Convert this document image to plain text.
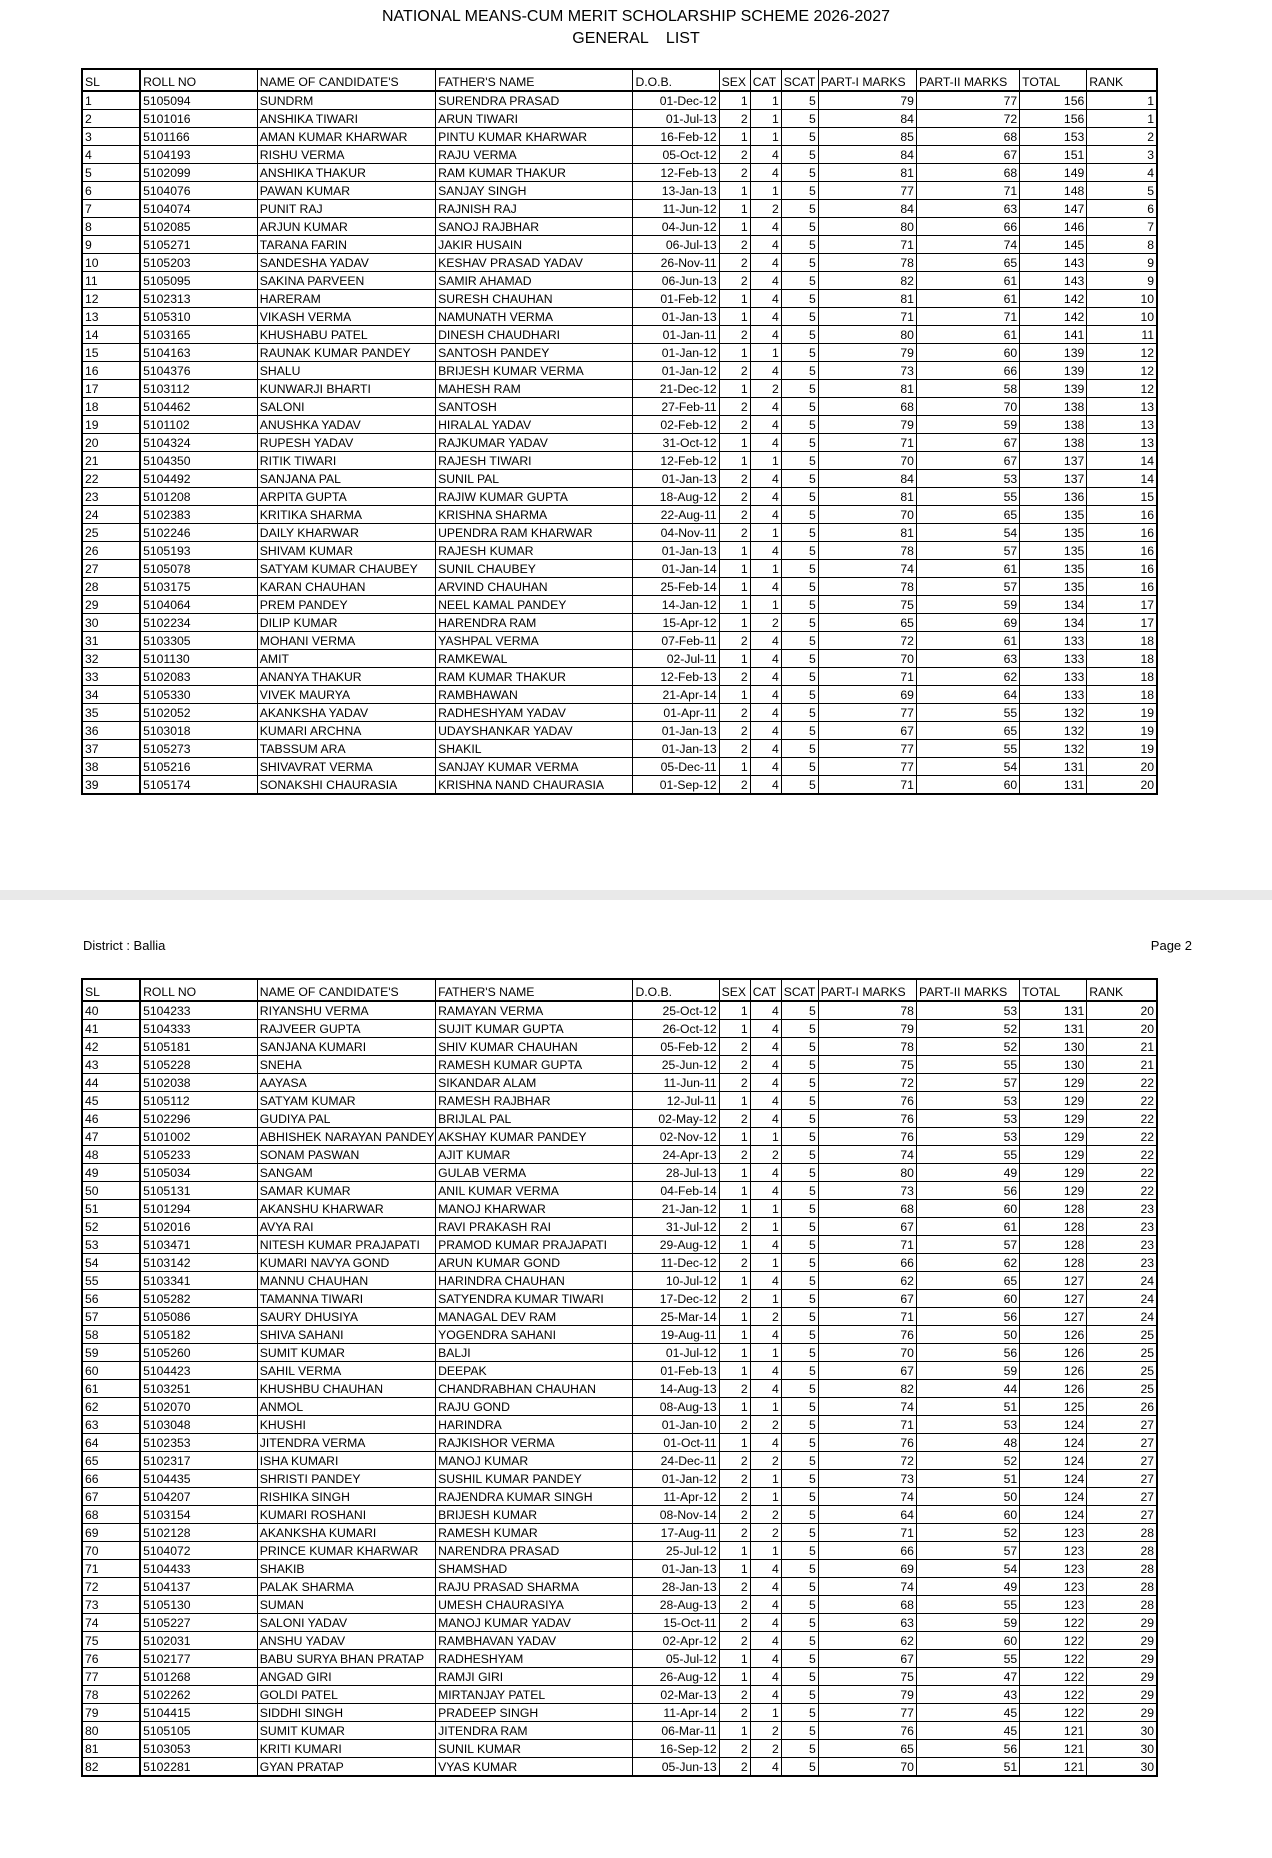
NATIONAL MEANS-CUM MERIT SCHOLARSHIP SCHEME 2026-2027
GENERAL    LIST
SL	ROLL NO	NAME OF CANDIDATE'S	FATHER'S NAME	D.O.B.	SEX	CAT	SCAT	PART-I MARKS	PART-II MARKS	TOTAL	RANK
1	5105094	SUNDRM	SURENDRA PRASAD	01-Dec-12	1	1	5	79	77	156	1
2	5101016	ANSHIKA TIWARI	ARUN TIWARI	01-Jul-13	2	1	5	84	72	156	1
3	5101166	AMAN KUMAR KHARWAR	PINTU KUMAR KHARWAR	16-Feb-12	1	1	5	85	68	153	2
4	5104193	RISHU VERMA	RAJU VERMA	05-Oct-12	2	4	5	84	67	151	3
5	5102099	ANSHIKA THAKUR	RAM KUMAR THAKUR	12-Feb-13	2	4	5	81	68	149	4
6	5104076	PAWAN KUMAR	SANJAY SINGH	13-Jan-13	1	1	5	77	71	148	5
7	5104074	PUNIT RAJ	RAJNISH RAJ	11-Jun-12	1	2	5	84	63	147	6
8	5102085	ARJUN KUMAR	SANOJ RAJBHAR	04-Jun-12	1	4	5	80	66	146	7
9	5105271	TARANA FARIN	JAKIR HUSAIN	06-Jul-13	2	4	5	71	74	145	8
10	5105203	SANDESHA YADAV	KESHAV PRASAD YADAV	26-Nov-11	2	4	5	78	65	143	9
11	5105095	SAKINA PARVEEN	SAMIR AHAMAD	06-Jun-13	2	4	5	82	61	143	9
12	5102313	HARERAM	SURESH CHAUHAN	01-Feb-12	1	4	5	81	61	142	10
13	5105310	VIKASH VERMA	NAMUNATH VERMA	01-Jan-13	1	4	5	71	71	142	10
14	5103165	KHUSHABU PATEL	DINESH CHAUDHARI	01-Jan-11	2	4	5	80	61	141	11
15	5104163	RAUNAK KUMAR PANDEY	SANTOSH PANDEY	01-Jan-12	1	1	5	79	60	139	12
16	5104376	SHALU	BRIJESH KUMAR VERMA	01-Jan-12	2	4	5	73	66	139	12
17	5103112	KUNWARJI BHARTI	MAHESH RAM	21-Dec-12	1	2	5	81	58	139	12
18	5104462	SALONI	SANTOSH	27-Feb-11	2	4	5	68	70	138	13
19	5101102	ANUSHKA YADAV	HIRALAL YADAV	02-Feb-12	2	4	5	79	59	138	13
20	5104324	RUPESH YADAV	RAJKUMAR YADAV	31-Oct-12	1	4	5	71	67	138	13
21	5104350	RITIK TIWARI	RAJESH TIWARI	12-Feb-12	1	1	5	70	67	137	14
22	5104492	SANJANA PAL	SUNIL PAL	01-Jan-13	2	4	5	84	53	137	14
23	5101208	ARPITA GUPTA	RAJIW KUMAR GUPTA	18-Aug-12	2	4	5	81	55	136	15
24	5102383	KRITIKA SHARMA	KRISHNA SHARMA	22-Aug-11	2	4	5	70	65	135	16
25	5102246	DAILY KHARWAR	UPENDRA RAM KHARWAR	04-Nov-11	2	1	5	81	54	135	16
26	5105193	SHIVAM KUMAR	RAJESH KUMAR	01-Jan-13	1	4	5	78	57	135	16
27	5105078	SATYAM KUMAR CHAUBEY	SUNIL CHAUBEY	01-Jan-14	1	1	5	74	61	135	16
28	5103175	KARAN CHAUHAN	ARVIND CHAUHAN	25-Feb-14	1	4	5	78	57	135	16
29	5104064	PREM PANDEY	NEEL KAMAL PANDEY	14-Jan-12	1	1	5	75	59	134	17
30	5102234	DILIP KUMAR	HARENDRA RAM	15-Apr-12	1	2	5	65	69	134	17
31	5103305	MOHANI VERMA	YASHPAL VERMA	07-Feb-11	2	4	5	72	61	133	18
32	5101130	AMIT	RAMKEWAL	02-Jul-11	1	4	5	70	63	133	18
33	5102083	ANANYA THAKUR	RAM KUMAR THAKUR	12-Feb-13	2	4	5	71	62	133	18
34	5105330	VIVEK MAURYA	RAMBHAWAN	21-Apr-14	1	4	5	69	64	133	18
35	5102052	AKANKSHA YADAV	RADHESHYAM YADAV	01-Apr-11	2	4	5	77	55	132	19
36	5103018	KUMARI ARCHNA	UDAYSHANKAR YADAV	01-Jan-13	2	4	5	67	65	132	19
37	5105273	TABSSUM ARA	SHAKIL	01-Jan-13	2	4	5	77	55	132	19
38	5105216	SHIVAVRAT VERMA	SANJAY KUMAR VERMA	05-Dec-11	1	4	5	77	54	131	20
39	5105174	SONAKSHI CHAURASIA	KRISHNA NAND CHAURASIA	01-Sep-12	2	4	5	71	60	131	20
District : Ballia	Page 2
SL	ROLL NO	NAME OF CANDIDATE'S	FATHER'S NAME	D.O.B.	SEX	CAT	SCAT	PART-I MARKS	PART-II MARKS	TOTAL	RANK
40	5104233	RIYANSHU VERMA	RAMAYAN VERMA	25-Oct-12	1	4	5	78	53	131	20
41	5104333	RAJVEER GUPTA	SUJIT KUMAR GUPTA	26-Oct-12	1	4	5	79	52	131	20
42	5105181	SANJANA KUMARI	SHIV KUMAR CHAUHAN	05-Feb-12	2	4	5	78	52	130	21
43	5105228	SNEHA	RAMESH KUMAR GUPTA	25-Jun-12	2	4	5	75	55	130	21
44	5102038	AAYASA	SIKANDAR ALAM	11-Jun-11	2	4	5	72	57	129	22
45	5105112	SATYAM KUMAR	RAMESH RAJBHAR	12-Jul-11	1	4	5	76	53	129	22
46	5102296	GUDIYA PAL	BRIJLAL PAL	02-May-12	2	4	5	76	53	129	22
47	5101002	ABHISHEK NARAYAN PANDEY	AKSHAY KUMAR PANDEY	02-Nov-12	1	1	5	76	53	129	22
48	5105233	SONAM PASWAN	AJIT KUMAR	24-Apr-13	2	2	5	74	55	129	22
49	5105034	SANGAM	GULAB VERMA	28-Jul-13	1	4	5	80	49	129	22
50	5105131	SAMAR KUMAR	ANIL KUMAR VERMA	04-Feb-14	1	4	5	73	56	129	22
51	5101294	AKANSHU KHARWAR	MANOJ KHARWAR	21-Jan-12	1	1	5	68	60	128	23
52	5102016	AVYA RAI	RAVI PRAKASH RAI	31-Jul-12	2	1	5	67	61	128	23
53	5103471	NITESH KUMAR PRAJAPATI	PRAMOD KUMAR PRAJAPATI	29-Aug-12	1	4	5	71	57	128	23
54	5103142	KUMARI NAVYA GOND	ARUN KUMAR GOND	11-Dec-12	2	1	5	66	62	128	23
55	5103341	MANNU CHAUHAN	HARINDRA CHAUHAN	10-Jul-12	1	4	5	62	65	127	24
56	5105282	TAMANNA TIWARI	SATYENDRA KUMAR TIWARI	17-Dec-12	2	1	5	67	60	127	24
57	5105086	SAURY DHUSIYA	MANAGAL DEV RAM	25-Mar-14	1	2	5	71	56	127	24
58	5105182	SHIVA SAHANI	YOGENDRA SAHANI	19-Aug-11	1	4	5	76	50	126	25
59	5105260	SUMIT KUMAR	BALJI	01-Jul-12	1	1	5	70	56	126	25
60	5104423	SAHIL VERMA	DEEPAK	01-Feb-13	1	4	5	67	59	126	25
61	5103251	KHUSHBU CHAUHAN	CHANDRABHAN CHAUHAN	14-Aug-13	2	4	5	82	44	126	25
62	5102070	ANMOL	RAJU GOND	08-Aug-13	1	1	5	74	51	125	26
63	5103048	KHUSHI	HARINDRA	01-Jan-10	2	2	5	71	53	124	27
64	5102353	JITENDRA VERMA	RAJKISHOR VERMA	01-Oct-11	1	4	5	76	48	124	27
65	5102317	ISHA KUMARI	MANOJ KUMAR	24-Dec-11	2	2	5	72	52	124	27
66	5104435	SHRISTI PANDEY	SUSHIL KUMAR PANDEY	01-Jan-12	2	1	5	73	51	124	27
67	5104207	RISHIKA SINGH	RAJENDRA KUMAR SINGH	11-Apr-12	2	1	5	74	50	124	27
68	5103154	KUMARI ROSHANI	BRIJESH KUMAR	08-Nov-14	2	2	5	64	60	124	27
69	5102128	AKANKSHA KUMARI	RAMESH KUMAR	17-Aug-11	2	2	5	71	52	123	28
70	5104072	PRINCE KUMAR KHARWAR	NARENDRA PRASAD	25-Jul-12	1	1	5	66	57	123	28
71	5104433	SHAKIB	SHAMSHAD	01-Jan-13	1	4	5	69	54	123	28
72	5104137	PALAK SHARMA	RAJU PRASAD SHARMA	28-Jan-13	2	4	5	74	49	123	28
73	5105130	SUMAN	UMESH CHAURASIYA	28-Aug-13	2	4	5	68	55	123	28
74	5105227	SALONI YADAV	MANOJ KUMAR YADAV	15-Oct-11	2	4	5	63	59	122	29
75	5102031	ANSHU YADAV	RAMBHAVAN YADAV	02-Apr-12	2	4	5	62	60	122	29
76	5102177	BABU SURYA BHAN PRATAP	RADHESHYAM	05-Jul-12	1	4	5	67	55	122	29
77	5101268	ANGAD GIRI	RAMJI GIRI	26-Aug-12	1	4	5	75	47	122	29
78	5102262	GOLDI PATEL	MIRTANJAY PATEL	02-Mar-13	2	4	5	79	43	122	29
79	5104415	SIDDHI SINGH	PRADEEP SINGH	11-Apr-14	2	1	5	77	45	122	29
80	5105105	SUMIT KUMAR	JITENDRA RAM	06-Mar-11	1	2	5	76	45	121	30
81	5103053	KRITI KUMARI	SUNIL KUMAR	16-Sep-12	2	2	5	65	56	121	30
82	5102281	GYAN PRATAP	VYAS KUMAR	05-Jun-13	2	4	5	70	51	121	30
